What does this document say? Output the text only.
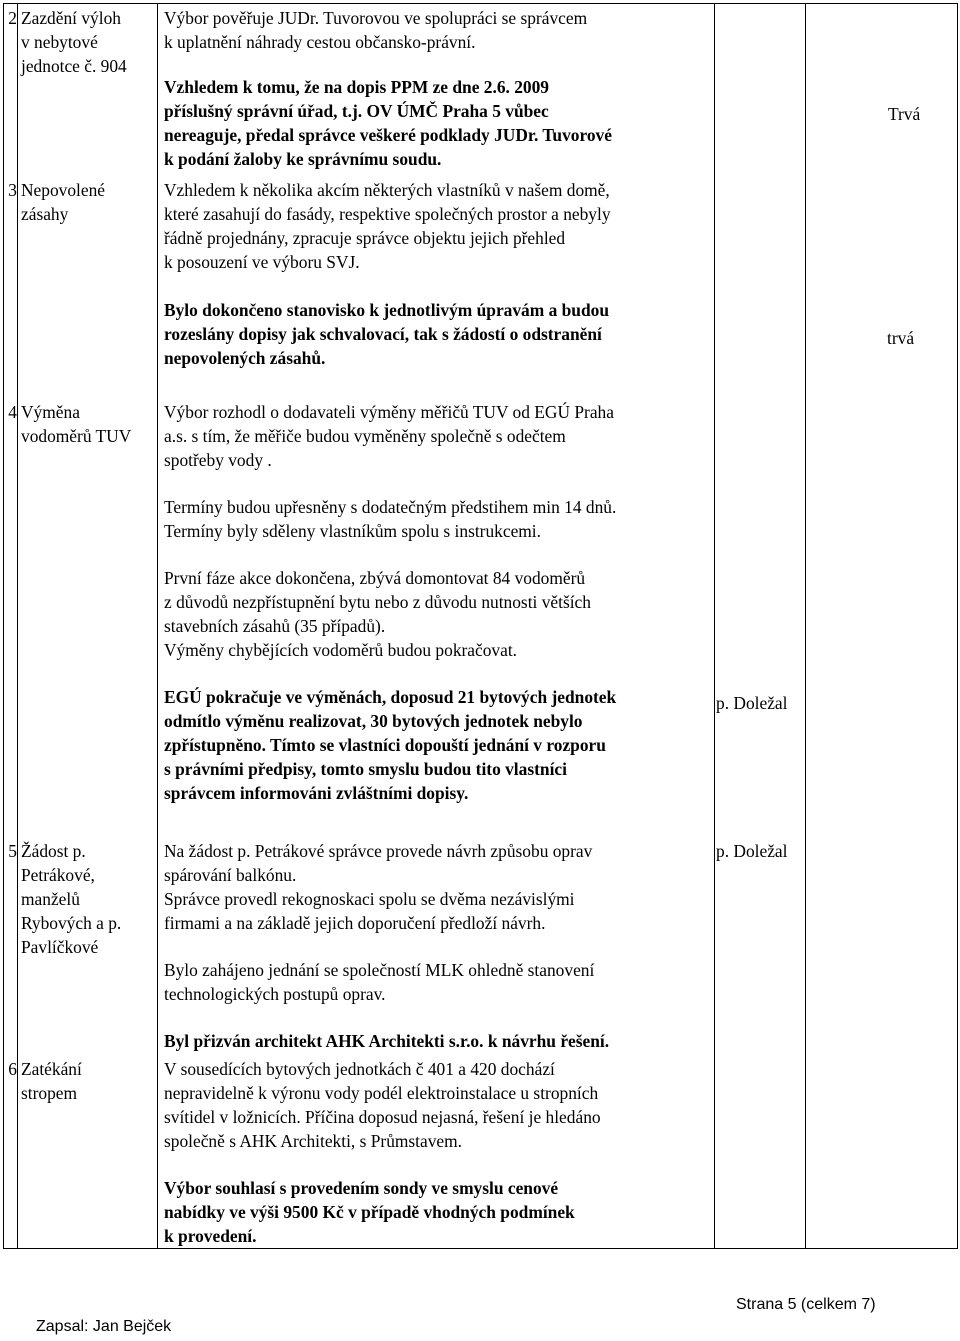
2 Zazdění výloh

v nebytové

jednotce č. 904

Výbor pověřuje JUDr. Tuvorovou ve spolupráci se správcem

k uplatnění náhrady cestou občansko-právní.

Vzhledem k tomu, že na dopis PPM ze dne 2.6. 2009

příslušný správní úřad, t.j. OV ÚMČ Praha 5 vůbec

nereaguje, předal správce veškeré podklady JUDr. Tuvorové

k podání žaloby ke správnímu soudu.

Trvá
3 Nepovolené

zásahy

Vzhledem k několika akcím některých vlastníků v našem domě,

které zasahují do fasády, respektive společných prostor a nebyly

řádně projednány, zpracuje správce objektu jejich přehled

k posouzení ve výboru SVJ.

Bylo dokončeno stanovisko k jednotlivým úpravám a budou

rozeslány dopisy jak schvalovací, tak s žádostí o odstranění

nepovolených zásahů.

trvá
4 Výměna

vodoměrů TUV

Výbor rozhodl o dodavateli výměny měřičů TUV od EGÚ Praha

a.s. s tím, že měřiče budou vyměněny společně s odečtem

spotřeby vody .

Termíny budou upřesněny s dodatečným předstihem min 14 dnů.

Termíny byly sděleny vlastníkům spolu s instrukcemi.

První fáze akce dokončena, zbývá domontovat 84 vodoměrů

z důvodů nezpřístupnění bytu nebo z důvodu nutnosti větších

stavebních zásahů (35 případů).

Výměny chybějících vodoměrů budou pokračovat.

EGÚ pokračuje ve výměnách, doposud 21 bytových jednotek

odmítlo výměnu realizovat, 30 bytových jednotek nebylo

zpřístupněno. Tímto se vlastníci dopouští jednání v rozporu

s právními předpisy, tomto smyslu budou tito vlastníci

správcem informováni zvláštními dopisy.

p. Doležal
5 Žádost p.

Petrákové,

manželů

Rybových a p.

Pavlíčkové

Na žádost p. Petrákové správce provede návrh způsobu oprav

spárování balkónu.

Správce provedl rekognoskaci spolu se dvěma nezávislými

firmami a na základě jejich doporučení předloží návrh.

Bylo zahájeno jednání se společností MLK ohledně stanovení

technologických postupů oprav.

Byl přizván architekt AHK Architekti s.r.o. k návrhu řešení.

p. Doležal
6 Zatékání

stropem

V sousedících bytových jednotkách č 401 a 420 dochází

nepravidelně k výronu vody podél elektroinstalace u stropních

svítidel v ložnicích. Příčina doposud nejasná, řešení je hledáno

společně s AHK Architekti, s Průmstavem.

Výbor souhlasí s provedením sondy ve smyslu cenové

nabídky ve výši 9500 Kč v případě vhodných podmínek

k provedení.

Zapsal: Jan Bejček
Strana 5 (celkem 7)
